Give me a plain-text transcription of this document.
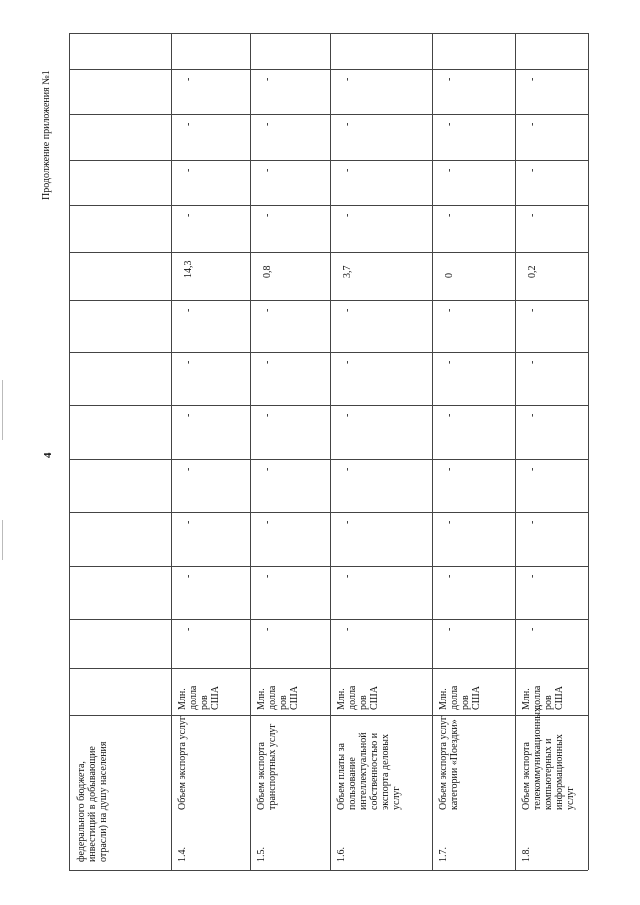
4
Продолжение приложения №1
федерального бюджета, инвестиций в добывающие отрасли) на душу населения	1.4.
Объем экспорта услуг
Млн. долла ров США
-
-
-
-
-
-
-
-
-
-
-
14,3
1.5.
Объем экспорта транспортных услуг
Млн. долла ров США
-
-
-
-
-
-
-
-
-
-
-
0,8
1.6.
Объем платы за пользование интеллектуальной собственностью и экспорта деловых услуг
Млн. долла ров США
-
-
-
-
-
-
-
-
-
-
-
3,7
1.7.
Объем экспорта услуг категории «Поездки»
Млн. долла ров США
-
-
-
-
-
-
-
-
-
-
-
0
1.8.
Объем экспорта телекоммуникационных, компьютерных и информационных услуг
Млн. долла ров США
-
-
-
-
-
-
-
-
-
-
-
0,2
